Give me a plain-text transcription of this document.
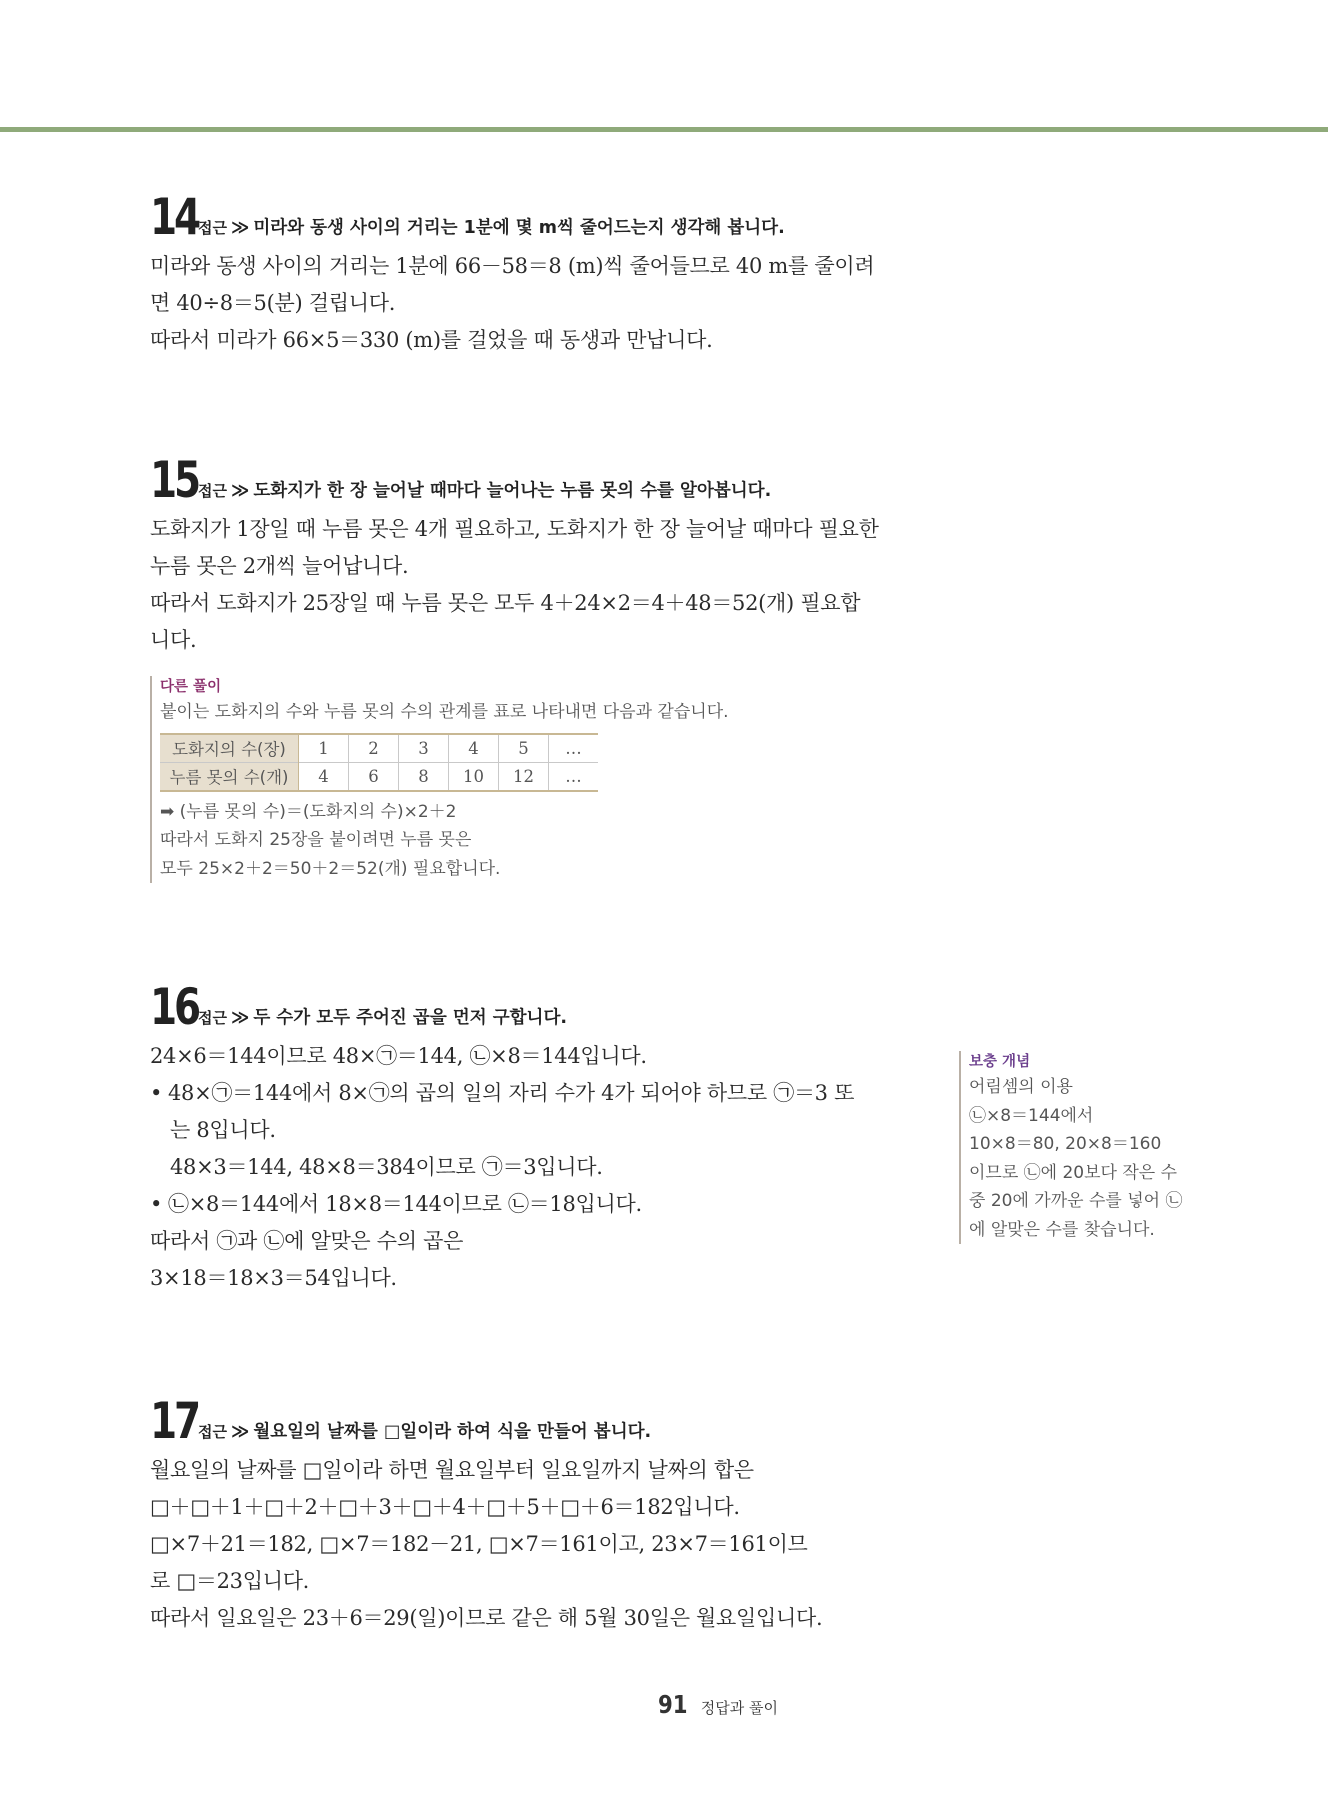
14 접근 ≫ 미라와 동생 사이의 거리는 1분에 몇 m씩 줄어드는지 생각해 봅니다.
미라와 동생 사이의 거리는 1분에 66－58＝8 (m)씩 줄어들므로 40 m를 줄이려
면 40÷8＝5(분) 걸립니다.
따라서 미라가 66×5＝330 (m)를 걸었을 때 동생과 만납니다.
15 접근 ≫ 도화지가 한 장 늘어날 때마다 늘어나는 누름 못의 수를 알아봅니다.
도화지가 1장일 때 누름 못은 4개 필요하고, 도화지가 한 장 늘어날 때마다 필요한
누름 못은 2개씩 늘어납니다.
따라서 도화지가 25장일 때 누름 못은 모두 4＋24×2＝4＋48＝52(개) 필요합
니다.
다른 풀이
붙이는 도화지의 수와 누름 못의 수의 관계를 표로 나타내면 다음과 같습니다.
도화지의 수(장)	1	2	3	4	5	…
누름 못의 수(개)	4	6	8	10	12	…
➡ (누름 못의 수)＝(도화지의 수)×2＋2
따라서 도화지 25장을 붙이려면 누름 못은
모두 25×2＋2＝50＋2＝52(개) 필요합니다.
16 접근 ≫ 두 수가 모두 주어진 곱을 먼저 구합니다.
24×6＝144이므로 48×㉠＝144, ㉡×8＝144입니다.
• 48×㉠＝144에서 8×㉠의 곱의 일의 자리 수가 4가 되어야 하므로 ㉠＝3 또
는 8입니다.
48×3＝144, 48×8＝384이므로 ㉠＝3입니다.
• ㉡×8＝144에서 18×8＝144이므로 ㉡＝18입니다.
따라서 ㉠과 ㉡에 알맞은 수의 곱은
3×18＝18×3＝54입니다.
보충 개념
어림셈의 이용
㉡×8＝144에서
10×8＝80, 20×8＝160
이므로 ㉡에 20보다 작은 수
중 20에 가까운 수를 넣어 ㉡
에 알맞은 수를 찾습니다.
17 접근 ≫ 월요일의 날짜를 □일이라 하여 식을 만들어 봅니다.
월요일의 날짜를 □일이라 하면 월요일부터 일요일까지 날짜의 합은
□＋□＋1＋□＋2＋□＋3＋□＋4＋□＋5＋□＋6＝182입니다.
□×7＋21＝182, □×7＝182－21, □×7＝161이고, 23×7＝161이므
로 □＝23입니다.
따라서 일요일은 23＋6＝29(일)이므로 같은 해 5월 30일은 월요일입니다.
91 정답과 풀이
